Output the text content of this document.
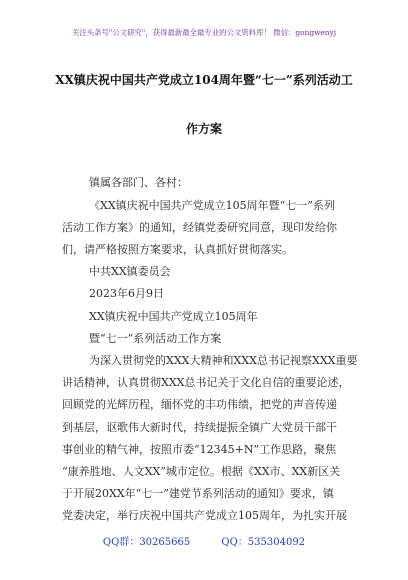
关注头条号"公文研究"，获得最新最全最专业的公文资料库！ 微信：gongwenyj
XX镇庆祝中国共产党成立104周年暨“七一”系列活动工
作方案
镇属各部门、各村：
《XX镇庆祝中国共产党成立105周年暨“七一”系列
活动工作方案》的通知，经镇党委研究同意，现印发给你
们，请严格按照方案要求，认真抓好贯彻落实。
中共XX镇委员会
2023年6月9日
XX镇庆祝中国共产党成立105周年
暨“七一”系列活动工作方案
为深入贯彻党的XXX大精神和XXX总书记视察XXX重要
讲话精神，认真贯彻XXX总书记关于文化自信的重要论述，
回顾党的光辉历程，缅怀党的丰功伟绩，把党的声音传递
到基层，讴歌伟大新时代，持续提振全镇广大党员干部干
事创业的精气神，按照市委“12345+N”工作思路，聚焦
“康养胜地、人文XX”城市定位。根据《XX市、XX新区关
于开展20XX年“七一”建党节系列活动的通知》要求，镇
党委决定，举行庆祝中国共产党成立105周年，为扎实开展
QQ群：30265665	QQ：535304092
